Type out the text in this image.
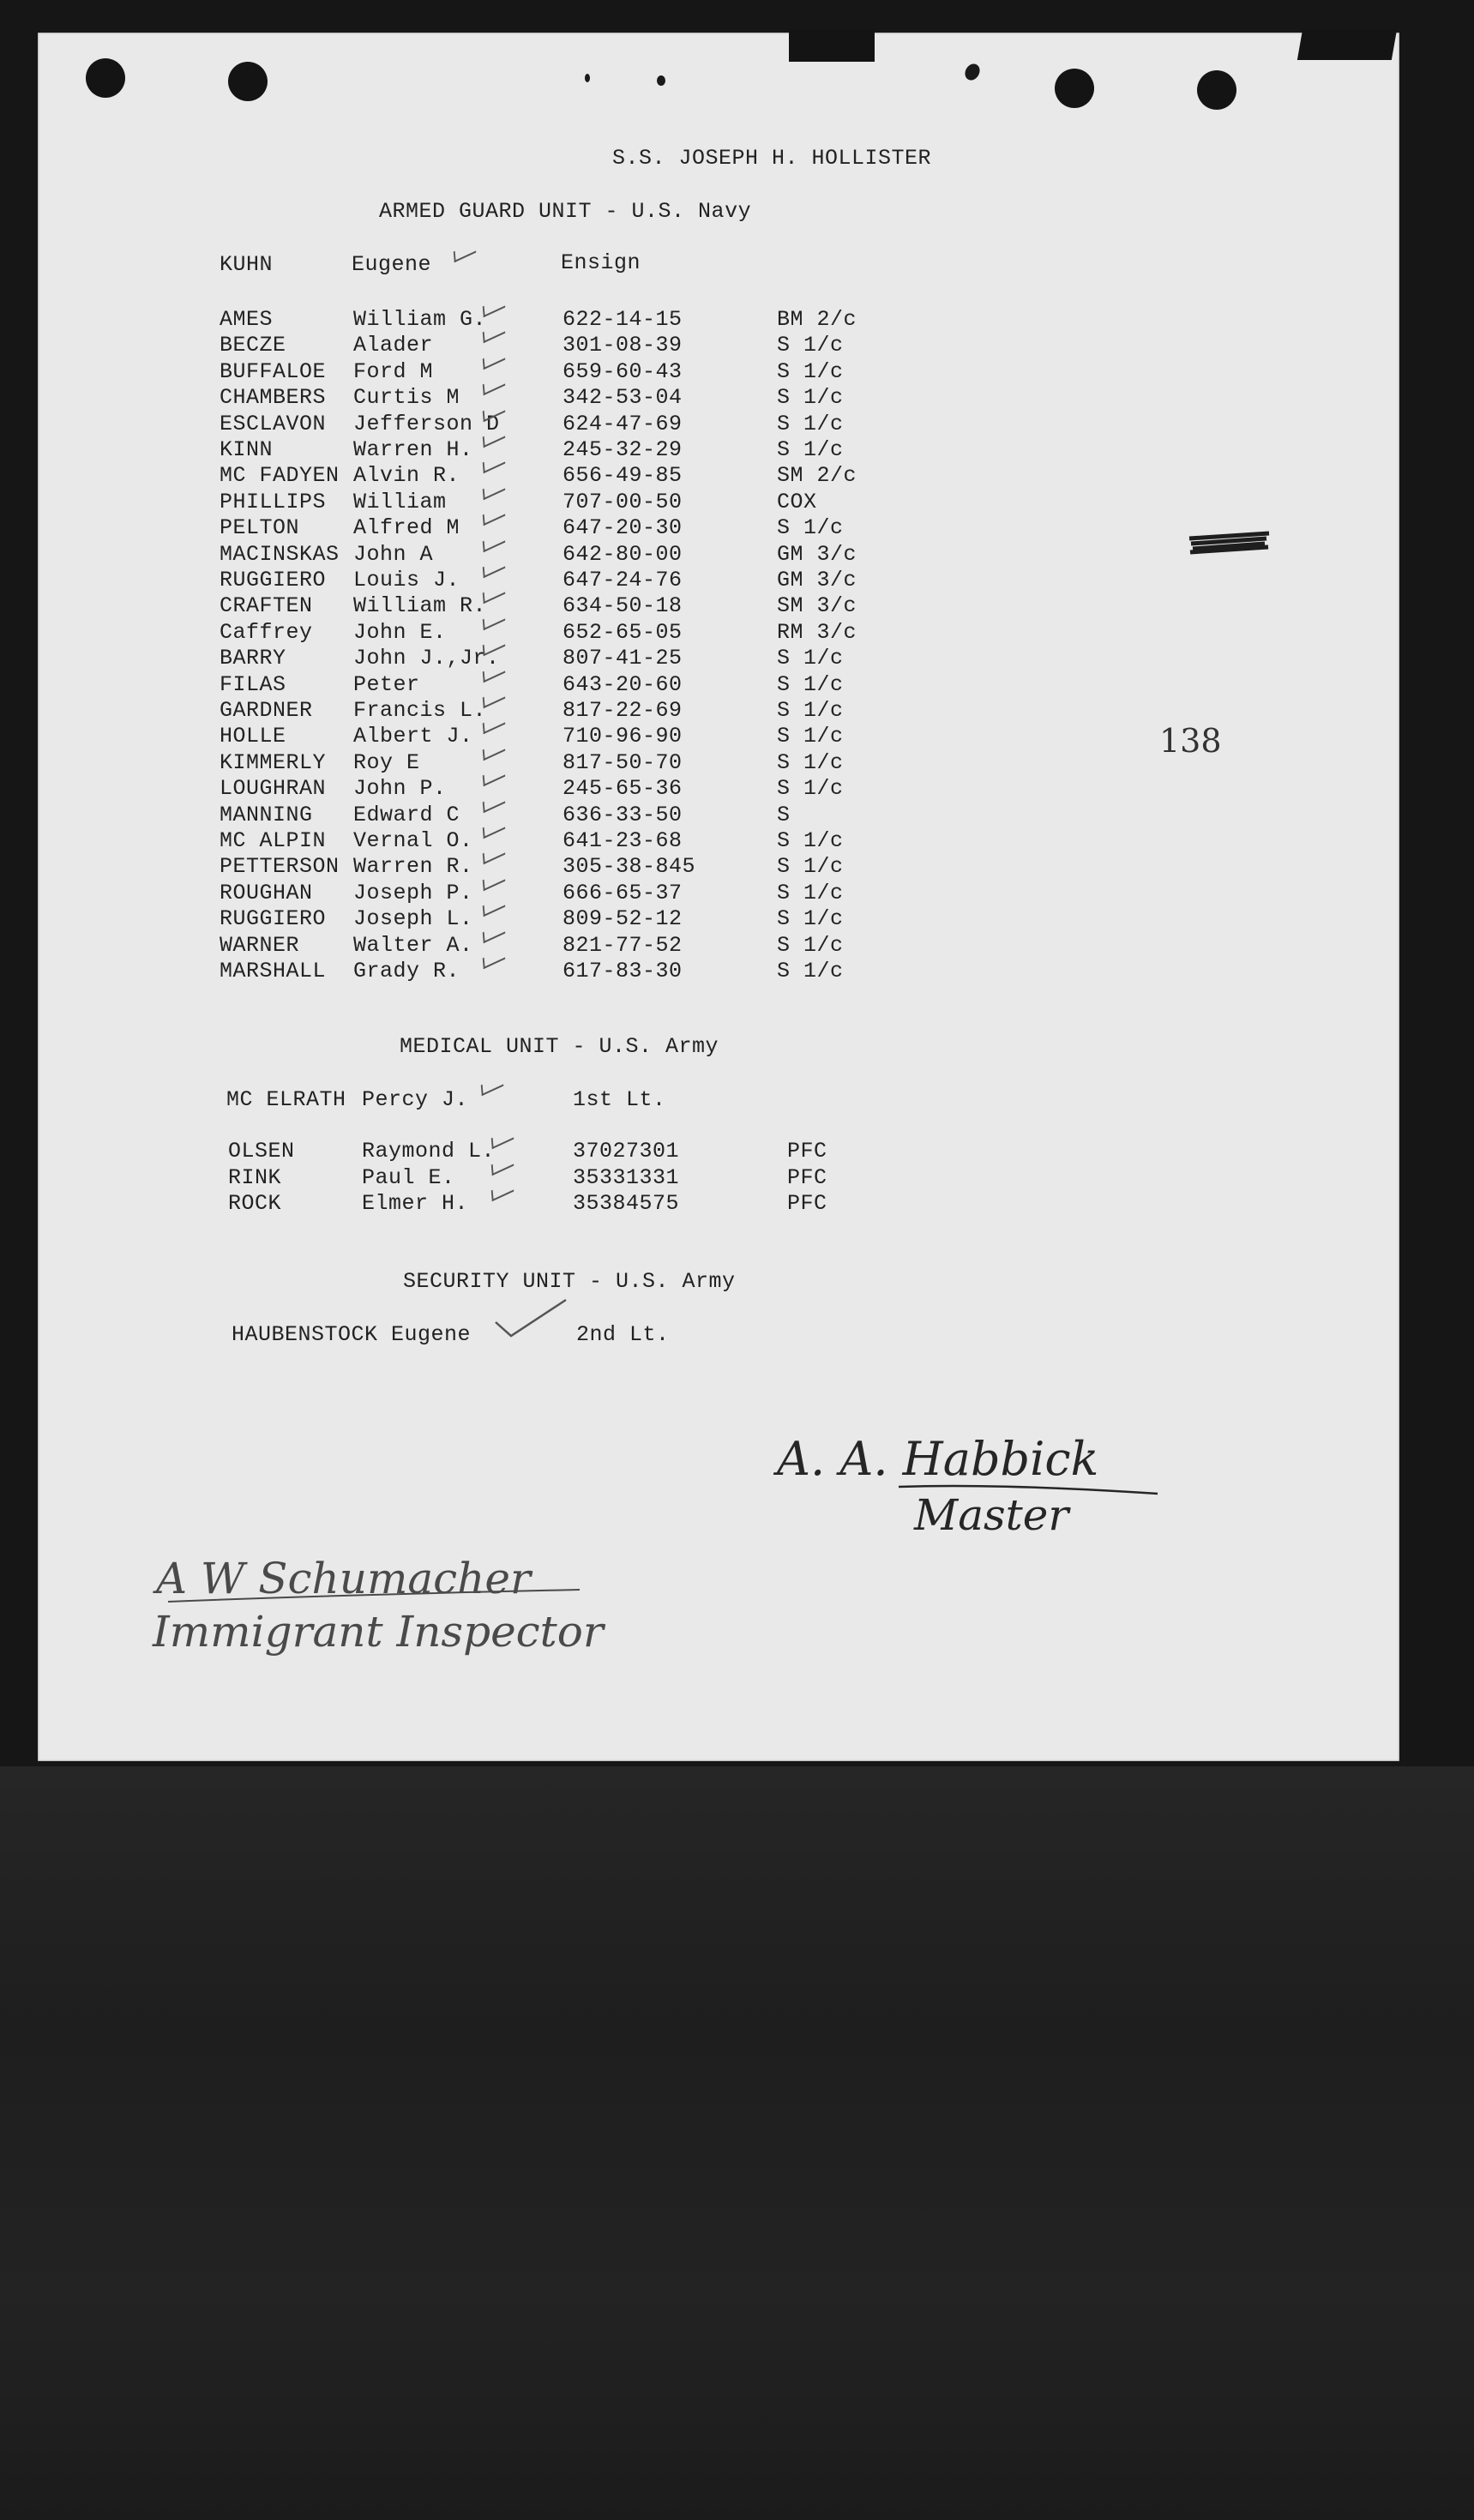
S.S. JOSEPH H. HOLLISTER
ARMED GUARD UNIT - U.S. Navy
KUHN	Eugene	Ensign
AMES	William G.	622-14-15	BM 2/c
BECZE	Alader	301-08-39	S 1/c
BUFFALOE Ford M	659-60-43	S 1/c
CHAMBERS Curtis M	342-53-04	S 1/c
ESCLAVON Jefferson D	624-47-69	S 1/c
KINN	Warren H.	245-32-29	S 1/c
MC FADYEN Alvin R.	656-49-85	SM 2/c
PHILLIPS William	707-00-50	COX
PELTON	Alfred M	647-20-30	S 1/c
MACINSKAS John A	642-80-00	GM 3/c
RUGGIERO Louis J.	647-24-76	GM 3/c
CRAFTEN William R.	634-50-18	SM 3/c
Caffrey John E.	652-65-05	RM 3/c
BARRY	John J.,Jr.	807-41-25	S 1/c
FILAS	Peter	643-20-60	S 1/c
GARDNER Francis L.	817-22-69	S 1/c
HOLLE	Albert J.	710-96-90	S 1/c
KIMMERLY Roy E	817-50-70	S 1/c
LOUGHRAN John P.	245-65-36	S 1/c
MANNING Edward C	636-33-50	S
MC ALPIN Vernal O.	641-23-68	S 1/c
PETTERSON Warren R.	305-38-845	S 1/c
ROUGHAN Joseph P.	666-65-37	S 1/c
RUGGIERO Joseph L.	809-52-12	S 1/c
WARNER	Walter A.	821-77-52	S 1/c
MARSHALL Grady R.	617-83-30	S 1/c
138
MEDICAL UNIT - U.S. Army
MC ELRATH Percy J.	1st Lt.
OLSEN	Raymond L.	37027301	PFC
RINK	Paul E.	35331331	PFC
ROCK	Elmer H.	35384575	PFC
SECURITY UNIT - U.S. Army
HAUBENSTOCK Eugene	2nd Lt.
A. A. Habbick
Master
A W Schumacher
Immigrant Inspector
